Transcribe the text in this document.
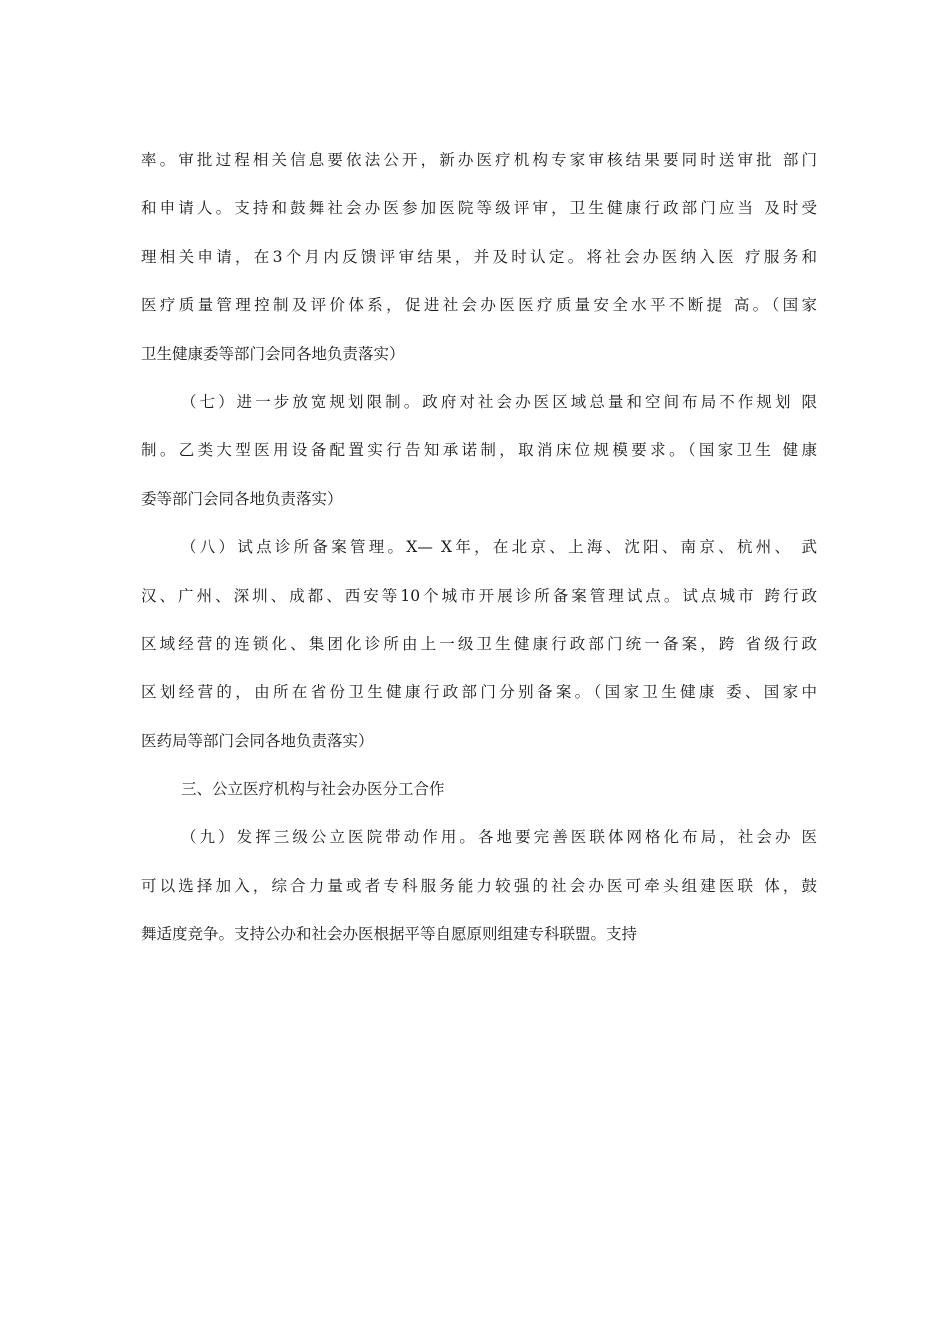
率。审批过程相关信息要依法公开，新办医疗机构专家审核结果要同时送审批 部门
和申请人。支持和鼓舞社会办医参加医院等级评审，卫生健康行政部门应当 及时受
理相关申请，在3个月内反馈评审结果，并及时认定。将社会办医纳入医 疗服务和
医疗质量管理控制及评价体系，促进社会办医医疗质量安全水平不断提 高。（国家
卫生健康委等部门会同各地负责落实）
（七）进一步放宽规划限制。政府对社会办医区域总量和空间布局不作规划 限
制。乙类大型医用设备配置实行告知承诺制，取消床位规模要求。（国家卫生 健康
委等部门会同各地负责落实）
（八）试点诊所备案管理。X— X年，在北京、上海、沈阳、南京、杭州、 武
汉、广州、深圳、成都、西安等10个城市开展诊所备案管理试点。试点城市 跨行政
区域经营的连锁化、集团化诊所由上一级卫生健康行政部门统一备案，跨 省级行政
区划经营的，由所在省份卫生健康行政部门分别备案。（国家卫生健康 委、国家中
医药局等部门会同各地负责落实）
三、公立医疗机构与社会办医分工合作
（九）发挥三级公立医院带动作用。各地要完善医联体网格化布局，社会办 医
可以选择加入，综合力量或者专科服务能力较强的社会办医可牵头组建医联 体，鼓
舞适度竞争。支持公办和社会办医根据平等自愿原则组建专科联盟。支持
